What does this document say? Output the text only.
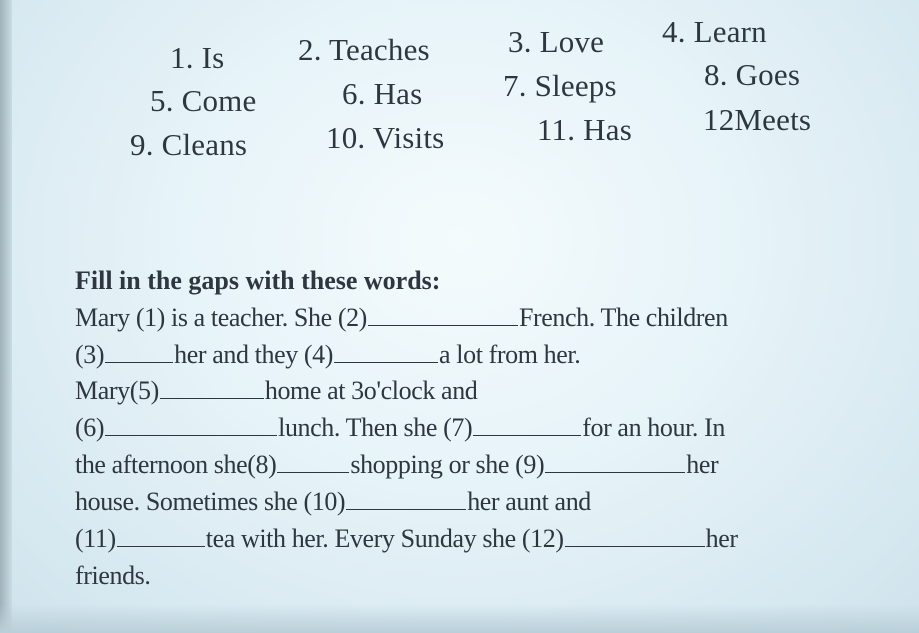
1. Is 2. Teaches	3. Love 4. Learn
5. Come	6. Has	7. Sleeps	8. Goes
9. Cleans	10. Visits	11. Has 12Meets
Fill in the gaps with these words:
Mary (1) is a teacher. She (2)	French. The children
(3)	her and they (4)	a lot from her.
Mary(5)	home at 3o'clock and
(6)	lunch. Then she (7)	for an hour. In
the afternoon she(8)	shopping or she (9)	her
house. Sometimes she (10)	her aunt and
(11)	tea with her. Every Sunday she (12)	her
friends.
